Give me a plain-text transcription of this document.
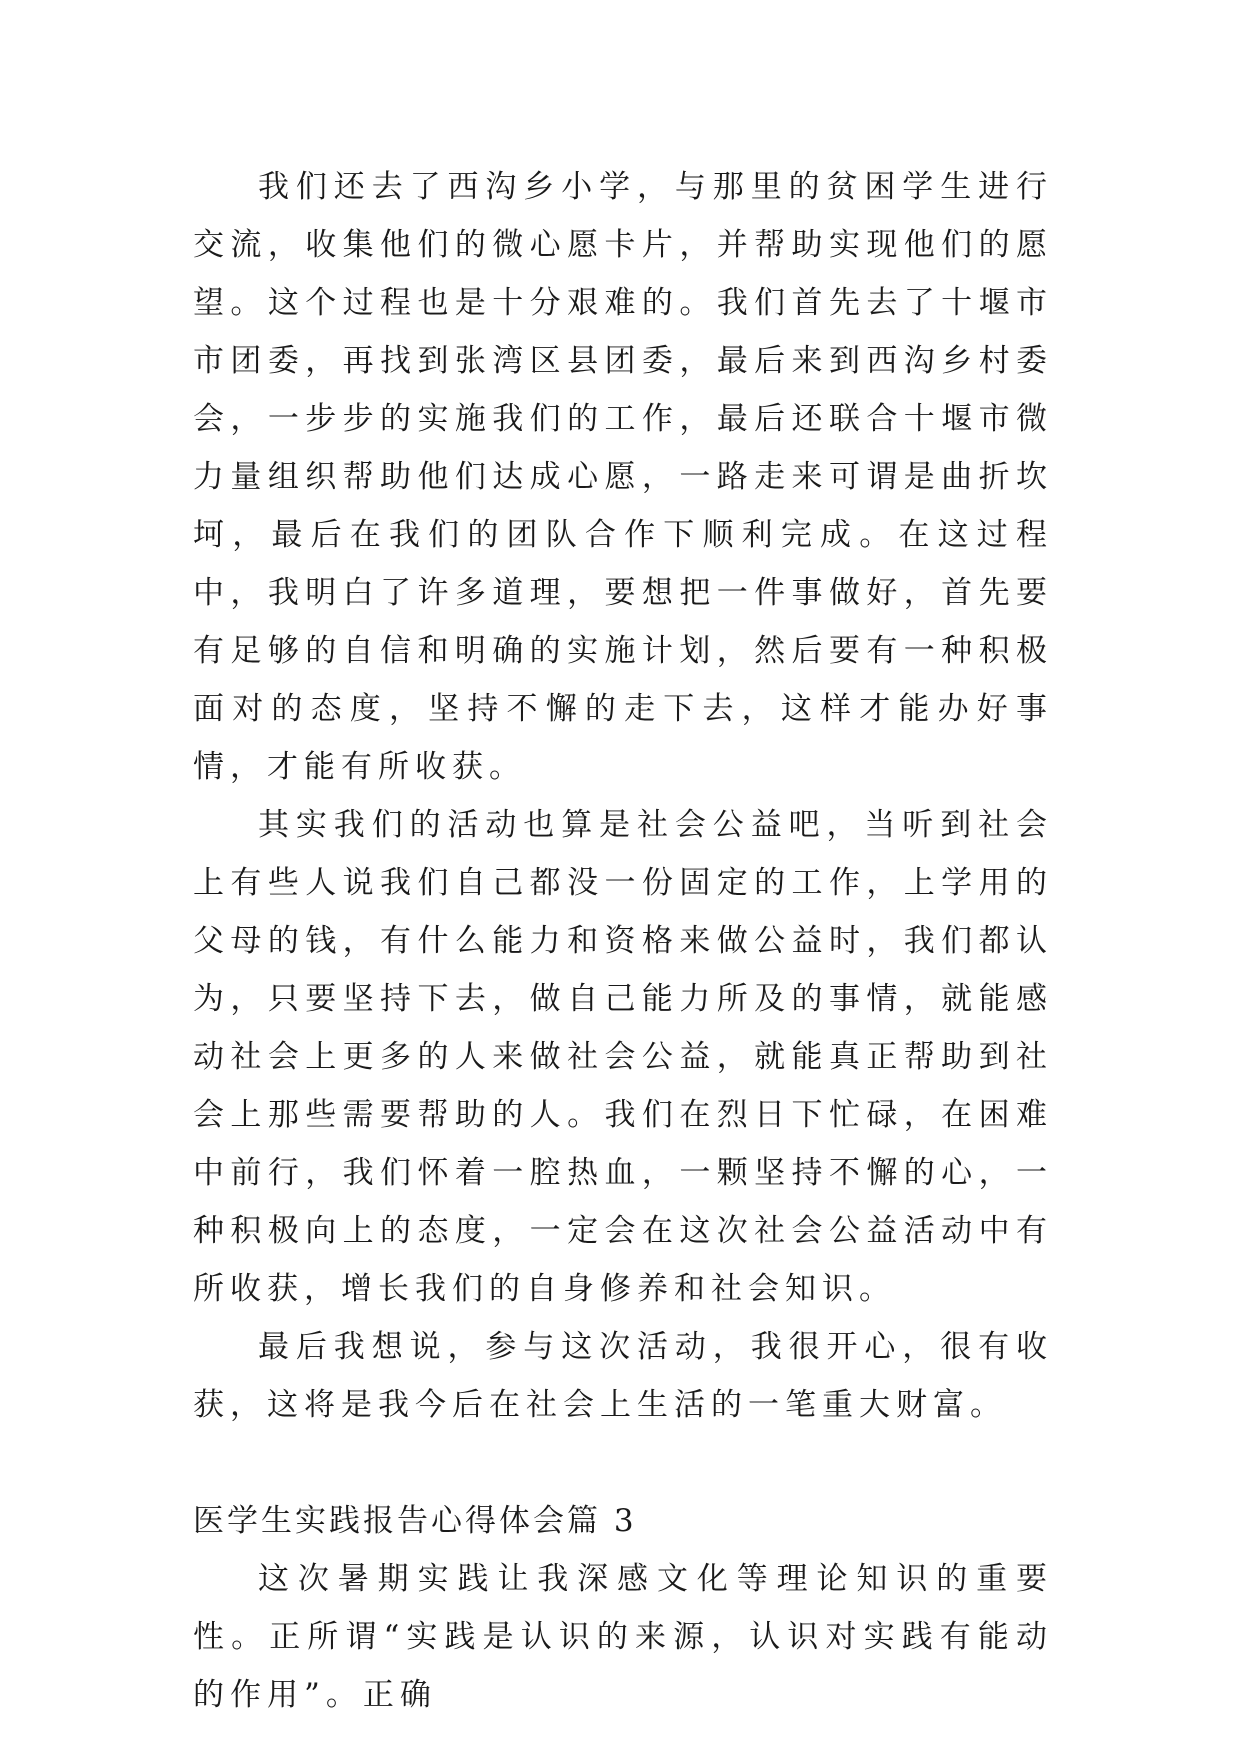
我们还去了西沟乡小学，与那里的贫困学生进行交流，收集他们的微心愿卡片，并帮助实现他们的愿望。这个过程也是十分艰难的。我们首先去了十堰市市团委，再找到张湾区县团委，最后来到西沟乡村委会，一步步的实施我们的工作，最后还联合十堰市微力量组织帮助他们达成心愿，一路走来可谓是曲折坎坷，最后在我们的团队合作下顺利完成。在这过程中，我明白了许多道理，要想把一件事做好，首先要有足够的自信和明确的实施计划，然后要有一种积极面对的态度，坚持不懈的走下去，这样才能办好事情，才能有所收获。

其实我们的活动也算是社会公益吧，当听到社会上有些人说我们自己都没一份固定的工作，上学用的父母的钱，有什么能力和资格来做公益时，我们都认为，只要坚持下去，做自己能力所及的事情，就能感动社会上更多的人来做社会公益，就能真正帮助到社会上那些需要帮助的人。我们在烈日下忙碌，在困难中前行，我们怀着一腔热血，一颗坚持不懈的心，一种积极向上的态度，一定会在这次社会公益活动中有所收获，增长我们的自身修养和社会知识。

最后我想说，参与这次活动，我很开心，很有收获，这将是我今后在社会上生活的一笔重大财富。

医学生实践报告心得体会篇 3

这次暑期实践让我深感文化等理论知识的重要性。正所谓“实践是认识的来源，认识对实践有能动的作用”。正确
